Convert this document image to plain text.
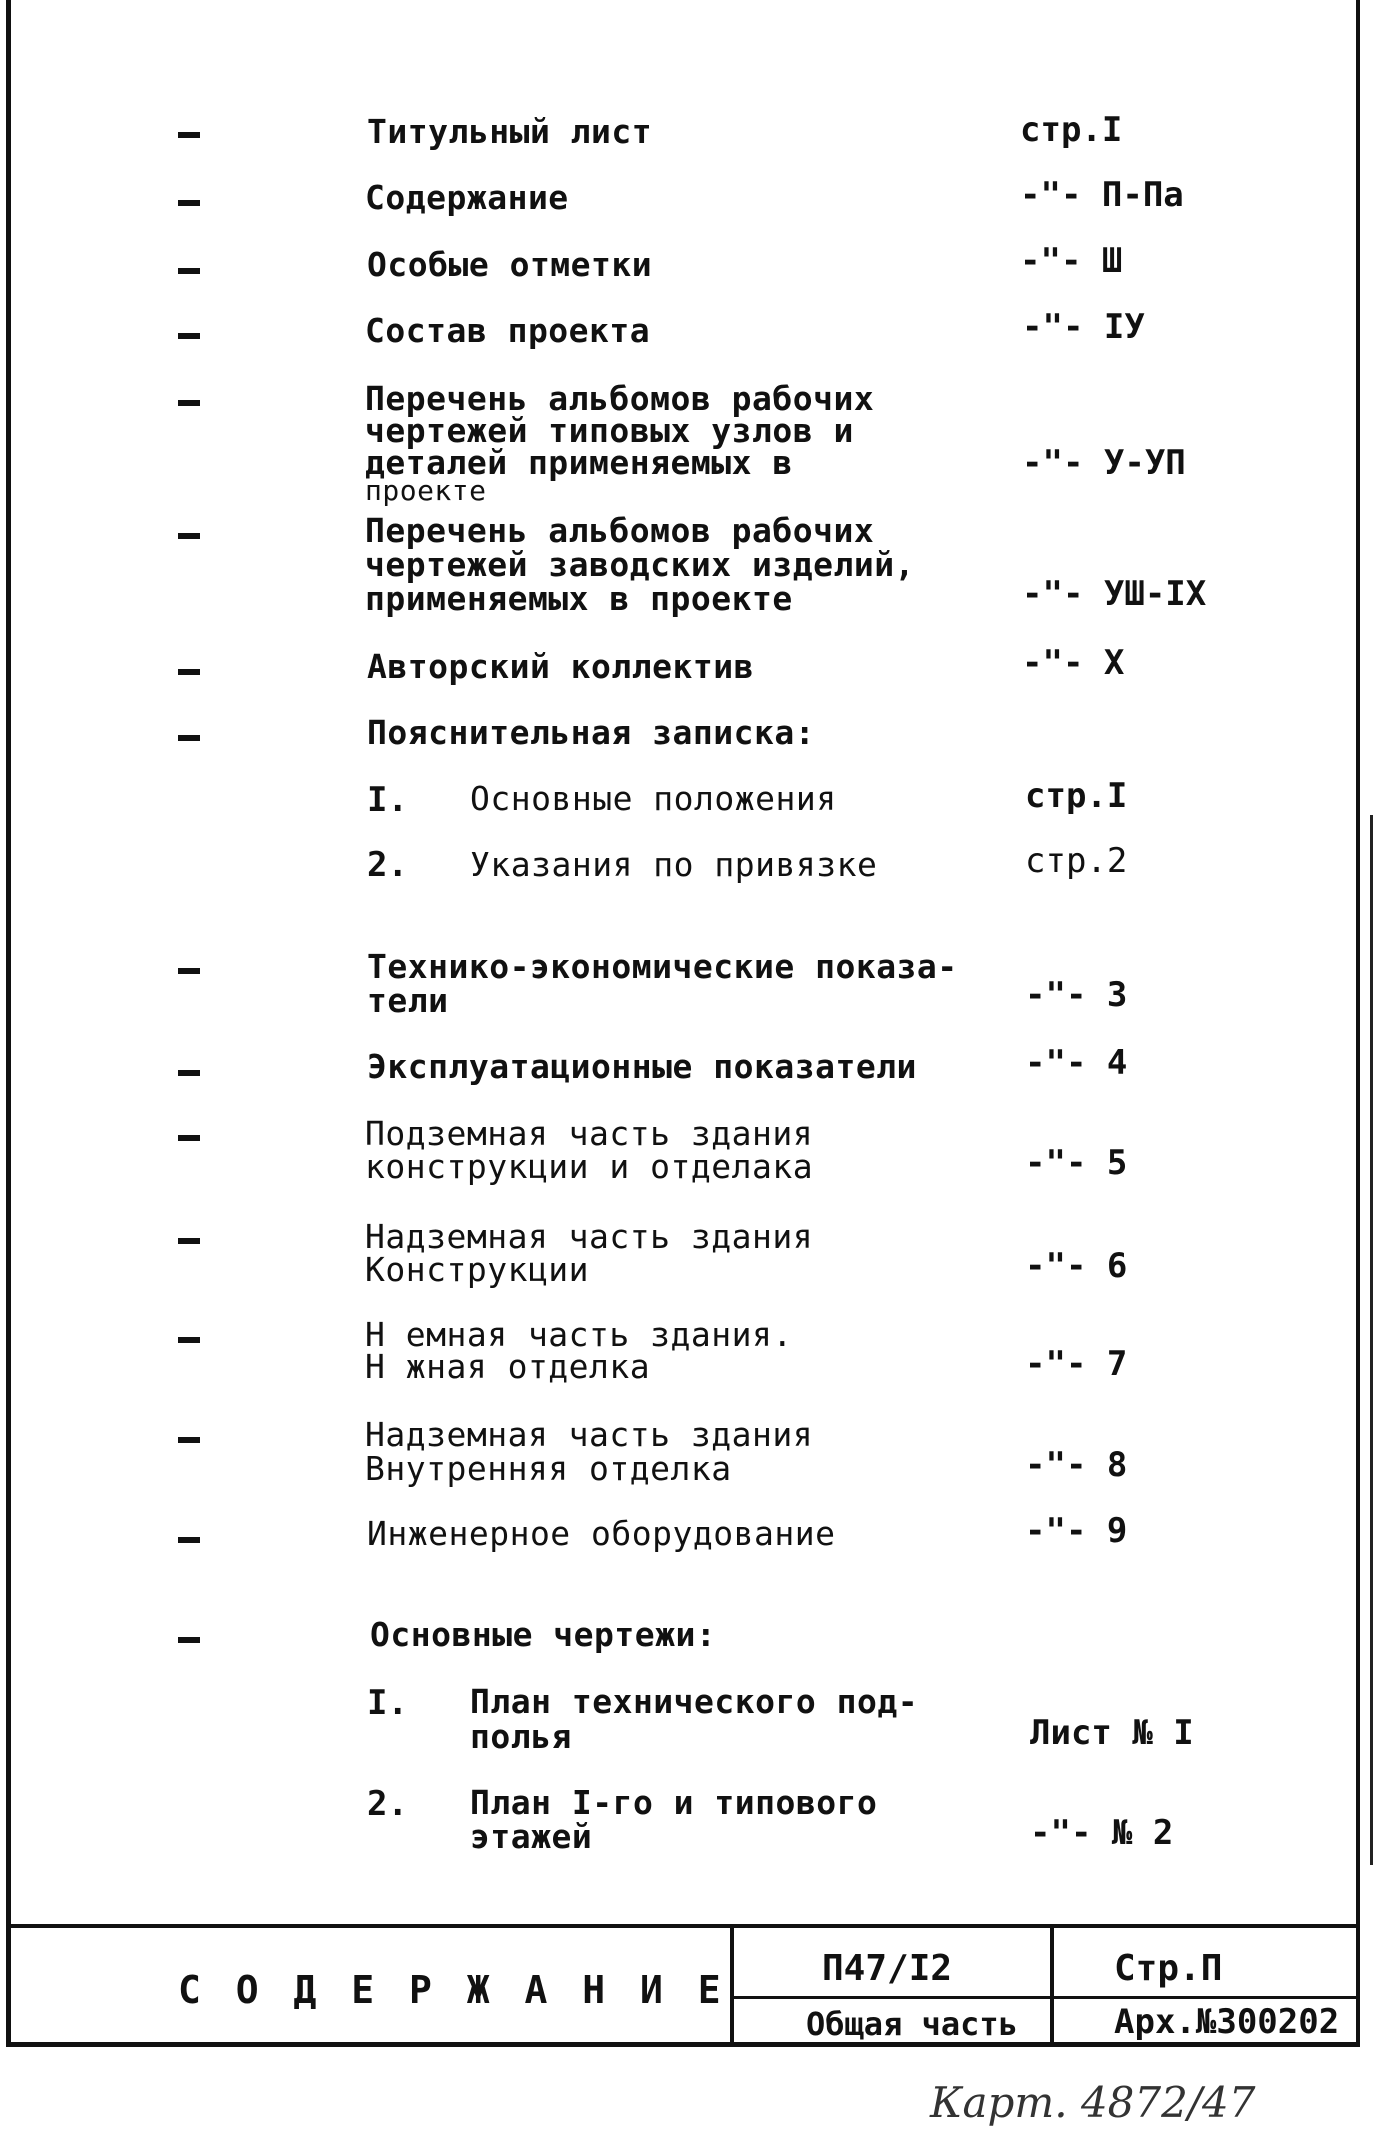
Титульный лист	стр.I
Содержание	-"- П-Па
Особые отметки	-"- Ш
Состав проекта	-"- IУ
Перечень альбомов рабочих
чертежей типовых узлов и
деталей применяемых в
проекте
-"- У-УП
Перечень альбомов рабочих
чертежей заводских изделий,
применяемых в проекте	-"- УШ-IX
Авторский коллектив	-"- X
Пояснительная записка:
I. Основные положения	стр.I
2. Указания по привязке	стр.2
Технико-экономические показа-
тели	-"- 3
Эксплуатационные показатели	-"- 4
Подземная часть здания
конструкции и отделака	-"- 5
Надземная часть здания
Конструкции	-"- 6
Н емная часть здания.
Н жная отделка	-"- 7
Надземная часть здания
Внутренняя отделка	-"- 8
Инженерное оборудование	-"- 9
Основные чертежи:
I. План технического под-
полья	Лист № I
2. План I-го и типового
этажей	-"- № 2
С О Д Е Р Ж А Н И Е	П47/I2
Общая часть
Стр.П
Арх.№300202
Карт. 4872/47
